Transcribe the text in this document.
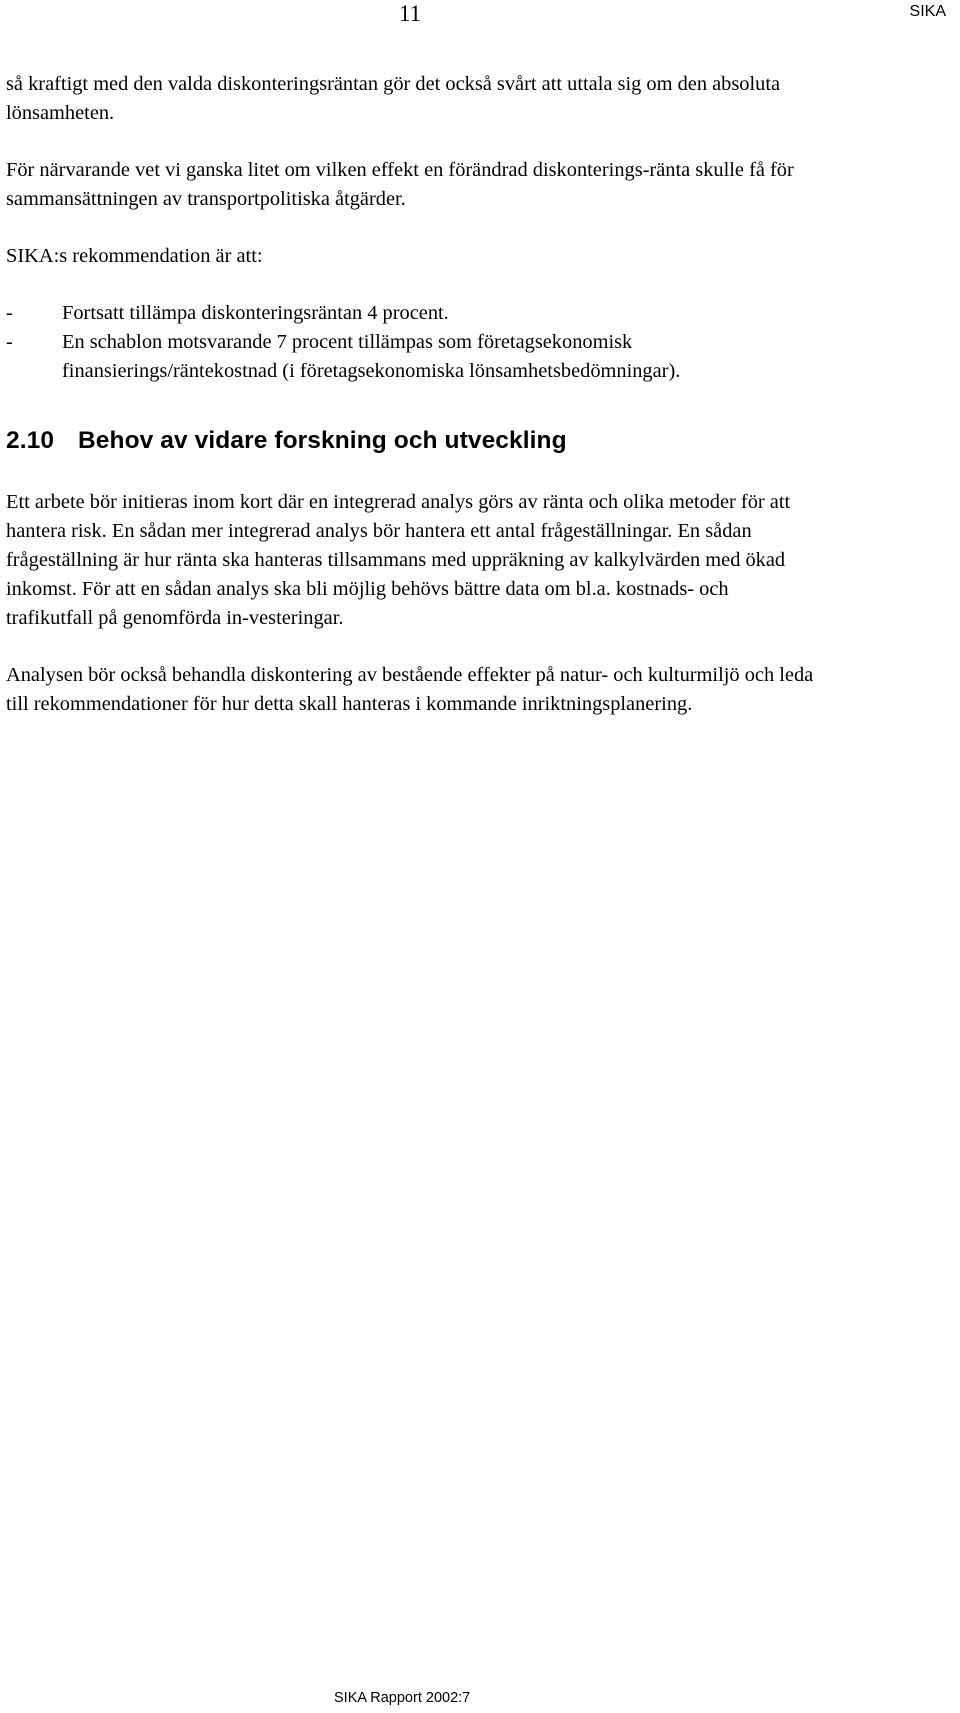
11	SIKA

så kraftigt med den valda diskonteringsräntan gör det också svårt att uttala sig om den absoluta lönsamheten.

För närvarande vet vi ganska litet om vilken effekt en förändrad diskonterings-ränta skulle få för sammansättningen av transportpolitiska åtgärder.

SIKA:s rekommendation är att:

- Fortsatt tillämpa diskonteringsräntan 4 procent.
- En schablon motsvarande 7 procent tillämpas som företagsekonomisk finansierings/räntekostnad (i företagsekonomiska lönsamhetsbedömningar).
2.10 Behov av vidare forskning och utveckling

Ett arbete bör initieras inom kort där en integrerad analys görs av ränta och olika metoder för att hantera risk. En sådan mer integrerad analys bör hantera ett antal frågeställningar. En sådan frågeställning är hur ränta ska hanteras tillsammans med uppräkning av kalkylvärden med ökad inkomst. För att en sådan analys ska bli möjlig behövs bättre data om bl.a. kostnads- och trafikutfall på genomförda in-vesteringar.

Analysen bör också behandla diskontering av bestående effekter på natur- och kulturmiljö och leda till rekommendationer för hur detta skall hanteras i kommande inriktningsplanering.

SIKA Rapport 2002:7
